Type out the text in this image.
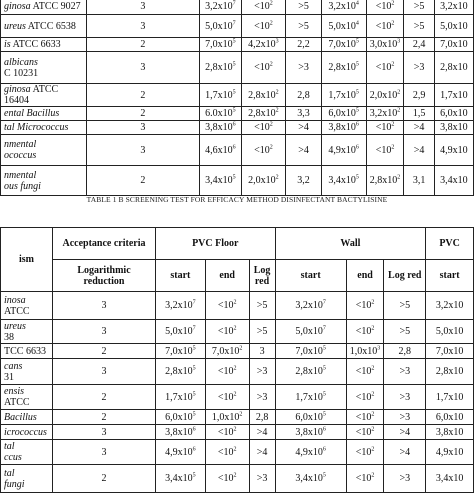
ginosa ATCC 9027	3	$3,2x10^7$	$<10^2$	>5	$3,2x10^4$	$<10^2$	>5	3,2x10
ureus ATCC 6538	3	$5,0x10^7$	$<10^2$	>5	$5,0x10^4$	$<10^2$	>5	5,0x10
is ATCC 6633	2	$7,0x10^5$	$4,2x10^3$	2,2	$7,0x10^5$	$3,0x10^3$	2,4	7,0x10
albicans
C 10231	3	$2,8x10^5$	$<10^2$	>3	$2,8x10^5$	$<10^2$	>3	2,8x10
ginosa ATCC 16404	2	$1,7x10^5$	$2,8x10^2$	2,8	$1,7x10^5$	$2,0x10^2$	2,9	1,7x10
ental Bacillus	2	$6.0x10^5$	$2,8x10^2$	3,3	$6,0x10^5$	$3,2x10^2$	1,5	6,0x10
tal Micrococcus	3	$3,8x10^6$	$<10^2$	>4	$3,8x10^6$	$<10^2$	>4	3,8x10
nmental
ococcus	3	$4,6x10^6$	$<10^2$	>4	$4,9x10^6$	$<10^2$	>4	4,9x10
nmental
ous fungi	2	$3,4x10^5$	$2,0x10^2$	3,2	$3,4x10^5$	$2,8x10^2$	3,1	3,4x10
TABLE 1 B SCREENING TEST FOR EFFICACY METHOD DISINFECTANT BACTYLISINE
ism	Acceptance criteria	PVC Floor			Wall			PVC
	Logarithmic reduction	start	end	Log red	start	end	Log red	start
inosa ATCC	3	$3,2x10^7$	$<10^2$	>5	$3,2x10^7$	$<10^2$	>5	3,2x10
ureus
38	3	$5,0x10^7$	$<10^2$	>5	$5,0x10^7$	$<10^2$	>5	5,0x10
TCC 6633	2	$7,0x10^5$	$7,0x10^2$	3	$7,0x10^5$	$1,0x10^3$	2,8	7,0x10
cans
31	3	$2,8x10^5$	$<10^2$	>3	$2,8x10^5$	$<10^2$	>3	2,8x10
ensis ATCC	2	$1,7x10^5$	$<10^2$	>3	$1,7x10^5$	$<10^2$	>3	1,7x10
Bacillus	2	$6,0x10^5$	$1,0x10^2$	2,8	$6,0x10^5$	$<10^2$	>3	6,0x10
icrococcus	3	$3,8x10^6$	$<10^2$	>4	$3,8x10^6$	$<10^2$	>4	3,8x10
tal
ccus	3	$4,9x10^6$	$<10^2$	>4	$4,9x10^6$	$<10^2$	>4	4,9x10
tal
fungi	2	$3,4x10^5$	$<10^2$	>3	$3,4x10^5$	$<10^2$	>3	3,4x10
